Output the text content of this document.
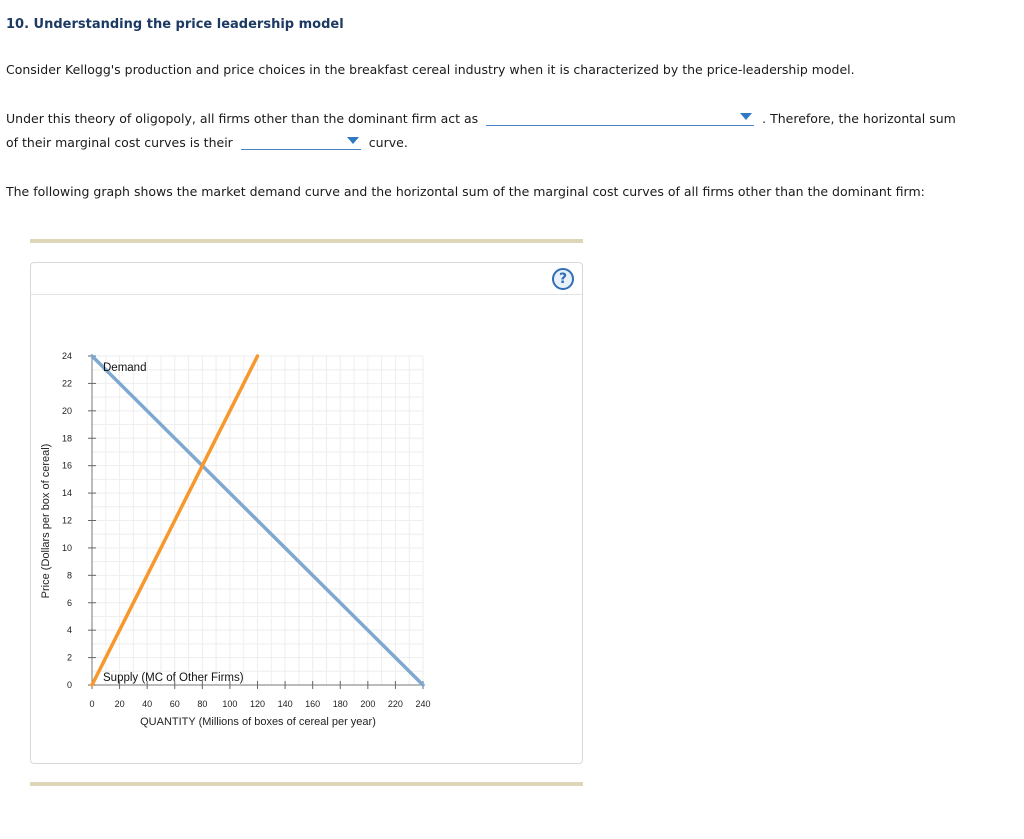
10. Understanding the price leadership model

Consider Kellogg's production and price choices in the breakfast cereal industry when it is characterized by the price-leadership model.

Under this theory of oligopoly, all firms other than the dominant firm act as	. Therefore, the horizontal sum
of their marginal cost curves is their	curve.

The following graph shows the market demand curve and the horizontal sum of the marginal cost curves of all firms other than the dominant firm:

?
0 20 40 60 80 100 120 140 160 180 200 220 240
0
2
4
6
8
10
12
14
16
18
20
22
24
Demand
Supply (MC of Other Firms)
QUANTITY (Millions of boxes of cereal per year)
Price (Dollars per box of cereal)
